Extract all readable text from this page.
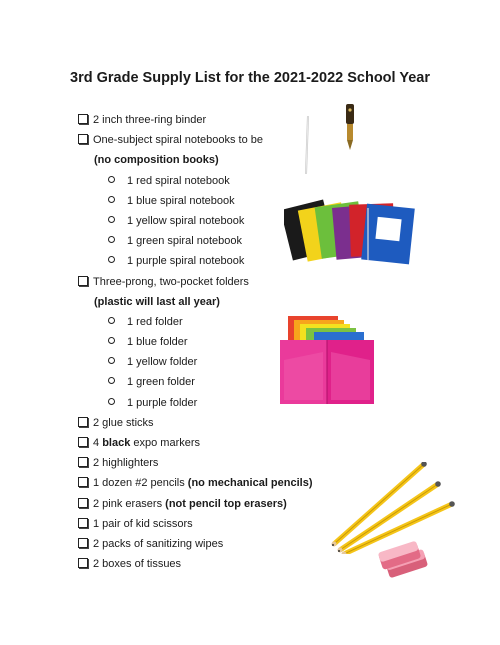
3rd Grade Supply List for the 2021-2022 School Year
2 inch three-ring binder
One-subject spiral notebooks to be
(no composition books)
1 red spiral notebook
1 blue spiral notebook
1 yellow spiral notebook
1 green spiral notebook
1 purple spiral notebook
Three-prong, two-pocket folders
(plastic will last all year)
1 red folder
1 blue folder
1 yellow folder
1 green folder
1 purple folder
2 glue sticks
4 black expo markers
2 highlighters
1 dozen #2 pencils (no mechanical pencils)
2 pink erasers (not pencil top erasers)
1 pair of kid scissors
2 packs of sanitizing wipes
2 boxes of tissues
